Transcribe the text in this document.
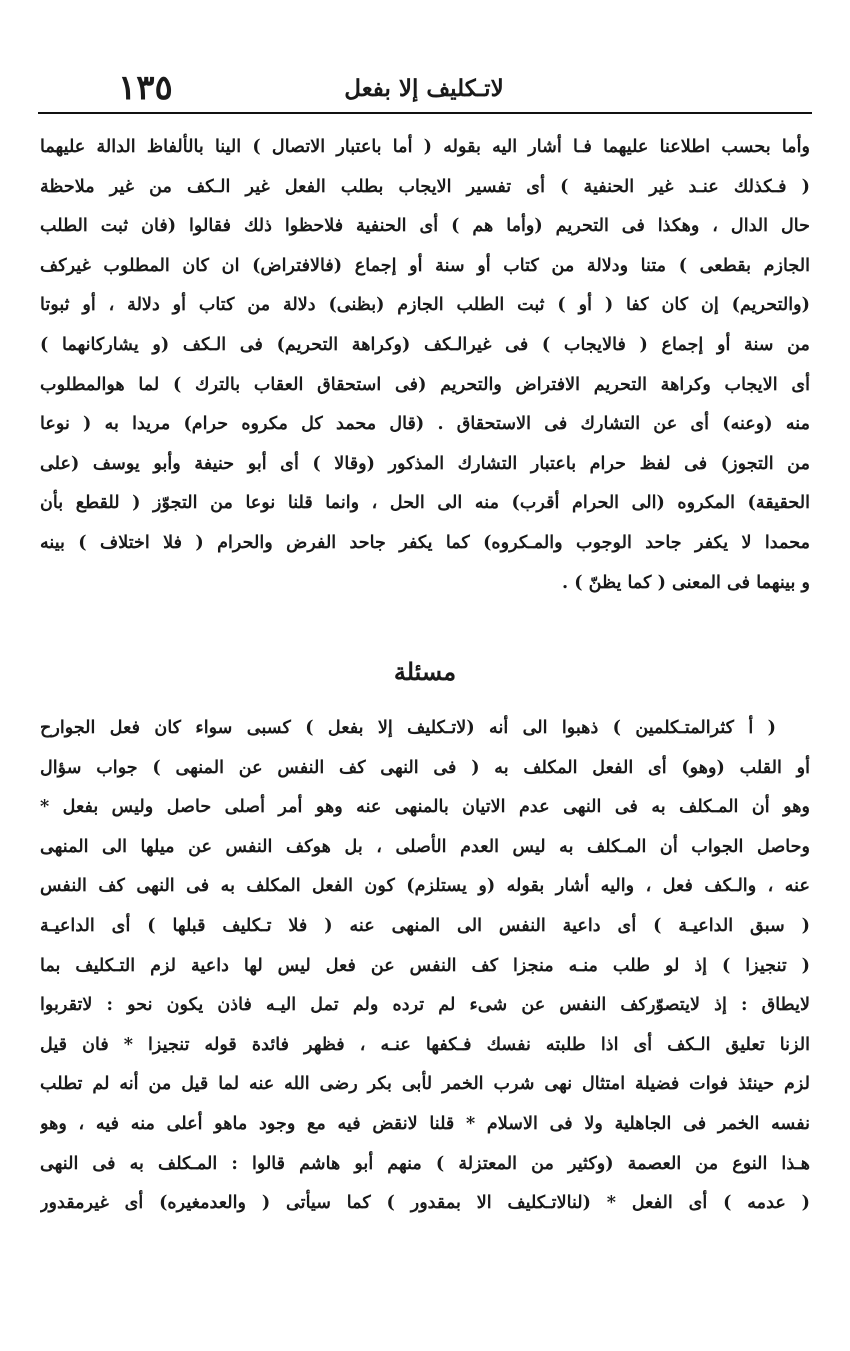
١٣٥	لاتـكليف إلا بفعل
وأما بحسب اطلاعنا عليهما فـا أشار اليه بقوله ( أما باعتبار الاتصال ) الينا بالألفاظ الدالة عليهما
( فـكذلك عنـد غير الحنفية ) أى تفسير الايجاب بطلب الفعل غير الـكف من غير ملاحظة
حال الدال ، وهكذا فى التحريم (وأما هم ) أى الحنفية فلاحظوا ذلك فقالوا (فان ثبت الطلب
الجازم بقطعى ) متنا ودلالة من كتاب أو سنة أو إجماع (فالافتراض) ان كان المطلوب غيركف
(والتحريم) إن كان كفا ( أو ) ثبت الطلب الجازم (بظنى) دلالة من كتاب أو دلالة ، أو ثبوتا
من سنة أو إجماع ( فالايجاب ) فى غيرالـكف (وكراهة التحريم) فى الـكف (و يشاركانهما )
أى الايجاب وكراهة التحريم الافتراض والتحريم (فى استحقاق العقاب بالترك ) لما هوالمطلوب
منه (وعنه) أى عن التشارك فى الاستحقاق . (قال محمد كل مكروه حرام) مريدا به ( نوعا
من التجوز) فى لفظ حرام باعتبار التشارك المذكور (وقالا ) أى أبو حنيفة وأبو يوسف (على
الحقيقة) المكروه (الى الحرام أقرب) منه الى الحل ، وانما قلنا نوعا من التجوّز ( للقطع بأن
محمدا لا يكفر جاحد الوجوب والمـكروه) كما يكفر جاحد الفرض والحرام ( فلا اختلاف ) بينه
و بينهما فى المعنى ( كما يظنّ ) .
مسئلة
( أ كثرالمتـكلمين ) ذهبوا الى أنه (لاتـكليف إلا بفعل ) كسبى سواء كان فعل الجوارح
أو القلب (وهو) أى الفعل المكلف به ( فى النهى كف النفس عن المنهى ) جواب سؤال
وهو أن المـكلف به فى النهى عدم الاتيان بالمنهى عنه وهو أمر أصلى حاصل وليس بفعل *
وحاصل الجواب أن المـكلف به ليس العدم الأصلى ، بل هوكف النفس عن ميلها الى المنهى
عنه ، والـكف فعل ، واليه أشار بقوله (و يستلزم) كون الفعل المكلف به فى النهى كف النفس
( سبق الداعيـة ) أى داعية النفس الى المنهى عنه ( فلا تـكليف قبلها ) أى الداعيـة
( تنجيزا ) إذ لو طلب منـه منجزا كف النفس عن فعل ليس لها داعية لزم التـكليف بما
لايطاق : إذ لايتصوّركف النفس عن شىء لم ترده ولم تمل اليـه فاذن يكون نحو : لاتقربوا
الزنا تعليق الـكف أى اذا طلبته نفسك فـكفها عنـه ، فظهر فائدة قوله تنجيزا * فان قيل
لزم حينئذ فوات فضيلة امتثال نهى شرب الخمر لأبى بكر رضى الله عنه لما قيل من أنه لم تطلب
نفسه الخمر فى الجاهلية ولا فى الاسلام * قلنا لانقض فيه مع وجود ماهو أعلى منه فيه ، وهو
هـذا النوع من العصمة (وكثير من المعتزلة ) منهم أبو هاشم قالوا : المـكلف به فى النهى
( عدمه ) أى الفعل * (لنالاتـكليف الا بمقدور ) كما سيأتى ( والعدمغيره) أى غيرمقدور
